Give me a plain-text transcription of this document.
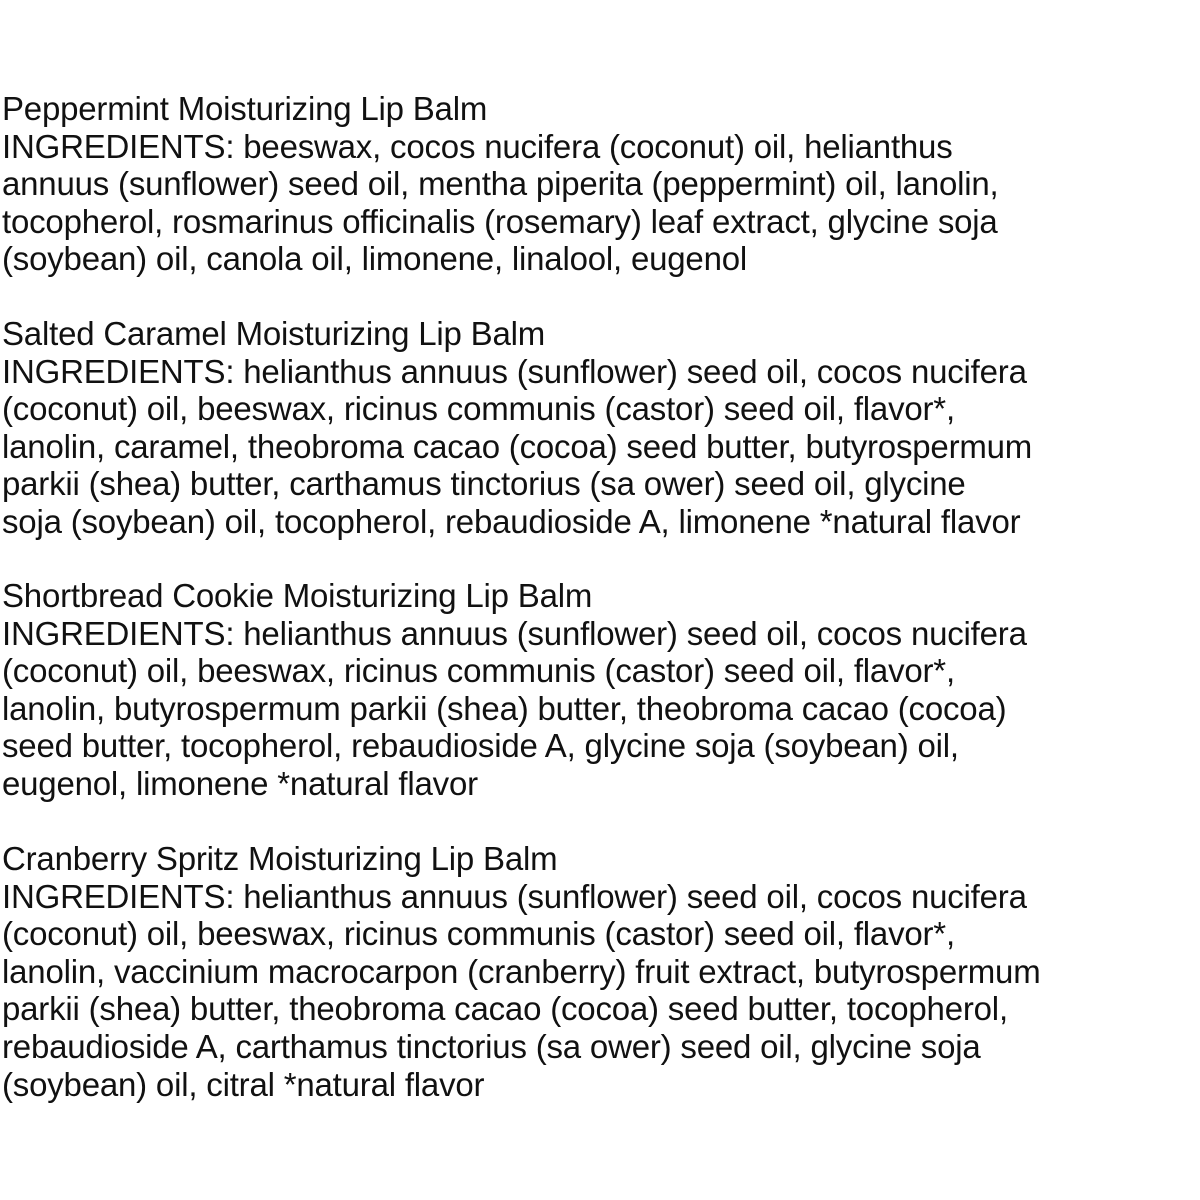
Peppermint Moisturizing Lip Balm
INGREDIENTS: beeswax, cocos nucifera (coconut) oil, helianthus
annuus (sunflower) seed oil, mentha piperita (peppermint) oil, lanolin,
tocopherol, rosmarinus officinalis (rosemary) leaf extract, glycine soja
(soybean) oil, canola oil, limonene, linalool, eugenol
Salted Caramel Moisturizing Lip Balm
INGREDIENTS: helianthus annuus (sunflower) seed oil, cocos nucifera
(coconut) oil, beeswax, ricinus communis (castor) seed oil, flavor*,
lanolin, caramel, theobroma cacao (cocoa) seed butter, butyrospermum
parkii (shea) butter, carthamus tinctorius (sa ower) seed oil, glycine
soja (soybean) oil, tocopherol, rebaudioside A, limonene *natural flavor
Shortbread Cookie Moisturizing Lip Balm
INGREDIENTS: helianthus annuus (sunflower) seed oil, cocos nucifera
(coconut) oil, beeswax, ricinus communis (castor) seed oil, flavor*,
lanolin, butyrospermum parkii (shea) butter, theobroma cacao (cocoa)
seed butter, tocopherol, rebaudioside A, glycine soja (soybean) oil,
eugenol, limonene *natural flavor
Cranberry Spritz Moisturizing Lip Balm
INGREDIENTS: helianthus annuus (sunflower) seed oil, cocos nucifera
(coconut) oil, beeswax, ricinus communis (castor) seed oil, flavor*,
lanolin, vaccinium macrocarpon (cranberry) fruit extract, butyrospermum
parkii (shea) butter, theobroma cacao (cocoa) seed butter, tocopherol,
rebaudioside A, carthamus tinctorius (sa ower) seed oil, glycine soja
(soybean) oil, citral *natural flavor
